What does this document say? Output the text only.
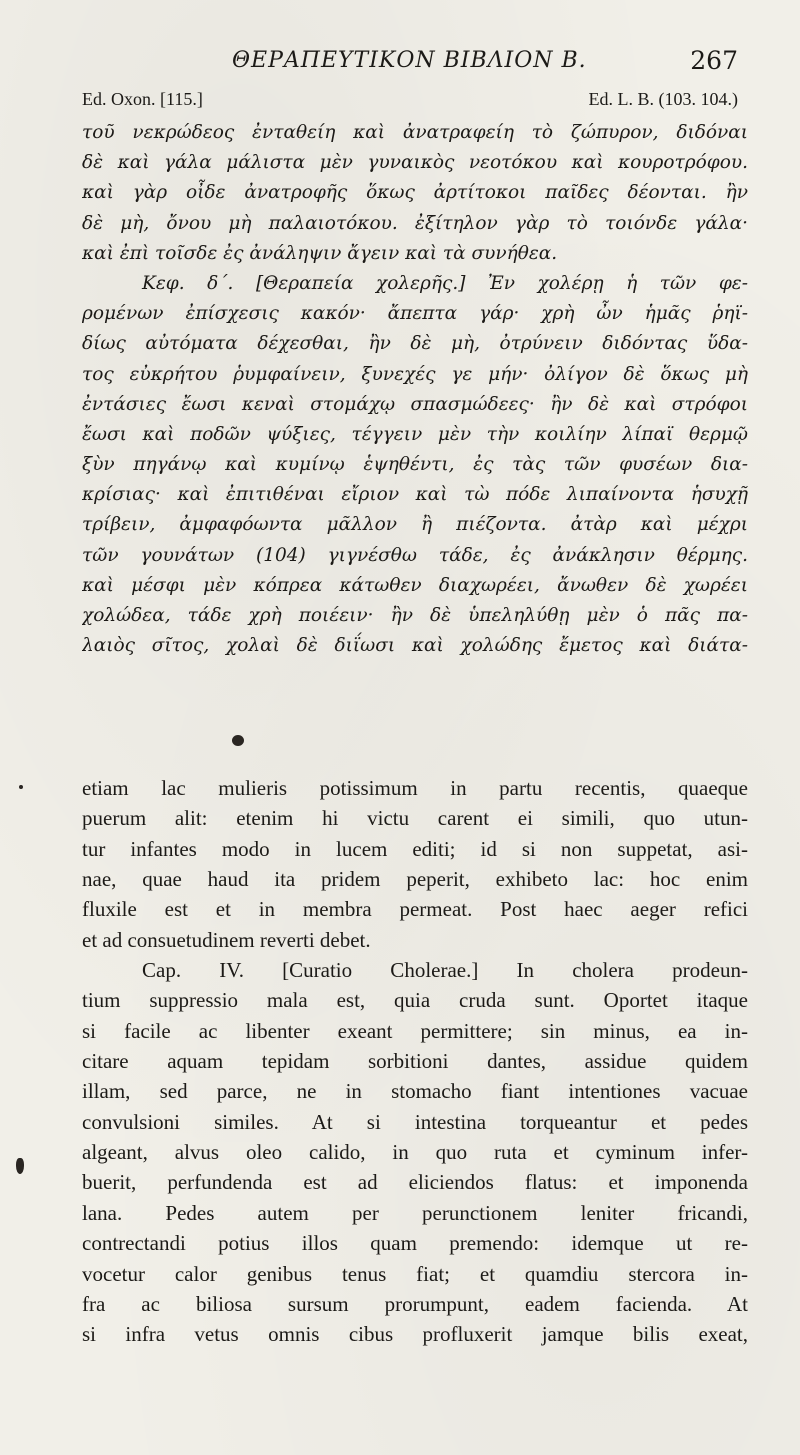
ΘΕΡΑΠΕΥΤΙΚΟΝ ΒΙΒΛΙΟΝ Β.	267
Ed. Oxon. [115.]	Ed. L. B. (103. 104.)
τοῦ νεκρώδεος ἐνταθείη καὶ ἀνατραφείη τὸ ζώπυρον, διδόναι
δὲ καὶ γάλα μάλιστα μὲν γυναικὸς νεοτόκου καὶ κουροτρόφου.
καὶ γὰρ οἶδε ἀνατροφῆς ὅκως ἀρτίτοκοι παῖδες δέονται. ἢν
δὲ μὴ, ὄνου μὴ παλαιοτόκου. ἐξίτηλον γὰρ τὸ τοιόνδε γάλα·
καὶ ἐπὶ τοῖσδε ἐς ἀνάληψιν ἄγειν καὶ τὰ συνήθεα.
Κεφ. δ΄. [Θεραπεία χολερῆς.] Ἐν χολέρῃ ἡ τῶν φε-
ρομένων ἐπίσχεσις κακόν· ἄπεπτα γάρ· χρὴ ὦν ἡμᾶς ῥηϊ-
δίως αὐτόματα δέχεσθαι, ἢν δὲ μὴ, ὀτρύνειν διδόντας ὕδα-
τος εὐκρήτου ῥυμφαίνειν, ξυνεχές γε μήν· ὀλίγον δὲ ὅκως μὴ
ἐντάσιες ἔωσι κεναὶ στομάχῳ σπασμώδεες· ἢν δὲ καὶ στρόφοι
ἔωσι καὶ ποδῶν ψύξιες, τέγγειν μὲν τὴν κοιλίην λίπαϊ θερμῷ
ξὺν πηγάνῳ καὶ κυμίνῳ ἑψηθέντι, ἐς τὰς τῶν φυσέων δια-
κρίσιας· καὶ ἐπιτιθέναι εἴριον καὶ τὼ πόδε λιπαίνοντα ἡσυχῇ
τρίβειν, ἀμφαφόωντα μᾶλλον ἢ πιέζοντα. ἀτὰρ καὶ μέχρι
τῶν γουνάτων (104) γιγνέσθω τάδε, ἐς ἀνάκλησιν θέρμης.
καὶ μέσφι μὲν κόπρεα κάτωθεν διαχωρέει, ἄνωθεν δὲ χωρέει
χολώδεα, τάδε χρὴ ποιέειν· ἢν δὲ ὑπεληλύθῃ μὲν ὁ πᾶς πα-
λαιὸς σῖτος, χολαὶ δὲ διΐωσι καὶ χολώδης ἔμετος καὶ διάτα-
etiam lac mulieris potissimum in partu recentis, quaeque
puerum alit: etenim hi victu carent ei simili, quo utun-
tur infantes modo in lucem editi; id si non suppetat, asi-
nae, quae haud ita pridem peperit, exhibeto lac: hoc enim
fluxile est et in membra permeat. Post haec aeger refici
et ad consuetudinem reverti debet.
Cap. IV. [Curatio Cholerae.] In cholera prodeun-
tium suppressio mala est, quia cruda sunt. Oportet itaque
si facile ac libenter exeant permittere; sin minus, ea in-
citare aquam tepidam sorbitioni dantes, assidue quidem
illam, sed parce, ne in stomacho fiant intentiones vacuae
convulsioni similes. At si intestina torqueantur et pedes
algeant, alvus oleo calido, in quo ruta et cyminum infer-
buerit, perfundenda est ad eliciendos flatus: et imponenda
lana. Pedes autem per perunctionem leniter fricandi,
contrectandi potius illos quam premendo: idemque ut re-
vocetur calor genibus tenus fiat; et quamdiu stercora in-
fra ac biliosa sursum prorumpunt, eadem facienda. At
si infra vetus omnis cibus profluxerit jamque bilis exeat,
